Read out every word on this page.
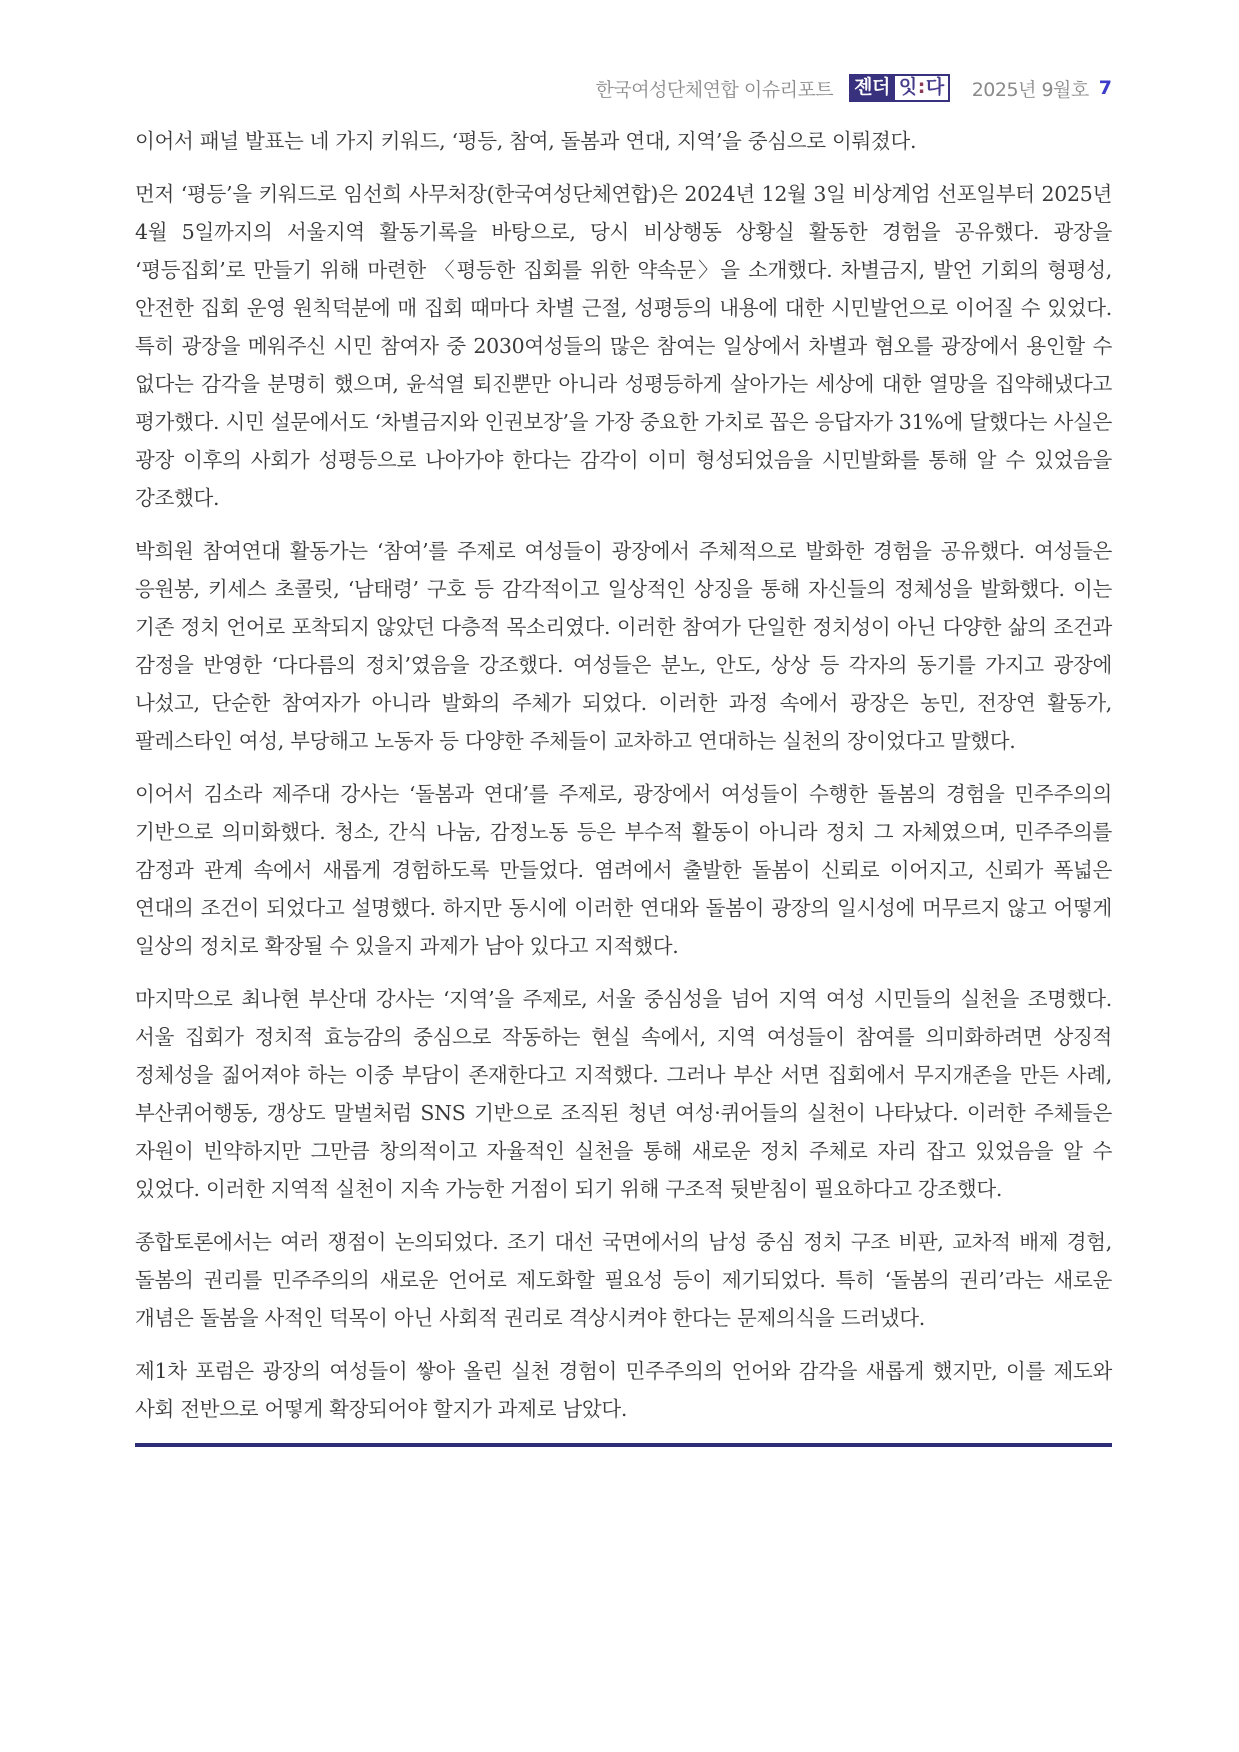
한국여성단체연합 이슈리포트 젠더 잇 : 다 2025년 9월호 7

이어서 패널 발표는 네 가지 키워드, ‘평등, 참여, 돌봄과 연대, 지역’을 중심으로 이뤄졌다.

먼저 ‘평등’을 키워드로 임선희 사무처장(한국여성단체연합)은 2024년 12월 3일 비상계엄 선포일부터 2025년 4월 5일까지의 서울지역 활동기록을 바탕으로, 당시 비상행동 상황실 활동한 경험을 공유했다. 광장을 ‘평등집회’로 만들기 위해 마련한 〈평등한 집회를 위한 약속문〉을 소개했다. 차별금지, 발언 기회의 형평성, 안전한 집회 운영 원칙덕분에 매 집회 때마다 차별 근절, 성평등의 내용에 대한 시민발언으로 이어질 수 있었다. 특히 광장을 메워주신 시민 참여자 중 2030여성들의 많은 참여는 일상에서 차별과 혐오를 광장에서 용인할 수 없다는 감각을 분명히 했으며, 윤석열 퇴진뿐만 아니라 성평등하게 살아가는 세상에 대한 열망을 집약해냈다고 평가했다. 시민 설문에서도 ‘차별금지와 인권보장’을 가장 중요한 가치로 꼽은 응답자가 31%에 달했다는 사실은 광장 이후의 사회가 성평등으로 나아가야 한다는 감각이 이미 형성되었음을 시민발화를 통해 알 수 있었음을 강조했다.

박희원 참여연대 활동가는 ‘참여’를 주제로 여성들이 광장에서 주체적으로 발화한 경험을 공유했다. 여성들은 응원봉, 키세스 초콜릿, ‘남태령’ 구호 등 감각적이고 일상적인 상징을 통해 자신들의 정체성을 발화했다. 이는 기존 정치 언어로 포착되지 않았던 다층적 목소리였다. 이러한 참여가 단일한 정치성이 아닌 다양한 삶의 조건과 감정을 반영한 ‘다다름의 정치’였음을 강조했다. 여성들은 분노, 안도, 상상 등 각자의 동기를 가지고 광장에 나섰고, 단순한 참여자가 아니라 발화의 주체가 되었다. 이러한 과정 속에서 광장은 농민, 전장연 활동가, 팔레스타인 여성, 부당해고 노동자 등 다양한 주체들이 교차하고 연대하는 실천의 장이었다고 말했다.

이어서 김소라 제주대 강사는 ‘돌봄과 연대’를 주제로, 광장에서 여성들이 수행한 돌봄의 경험을 민주주의의 기반으로 의미화했다. 청소, 간식 나눔, 감정노동 등은 부수적 활동이 아니라 정치 그 자체였으며, 민주주의를 감정과 관계 속에서 새롭게 경험하도록 만들었다. 염려에서 출발한 돌봄이 신뢰로 이어지고, 신뢰가 폭넓은 연대의 조건이 되었다고 설명했다. 하지만 동시에 이러한 연대와 돌봄이 광장의 일시성에 머무르지 않고 어떻게 일상의 정치로 확장될 수 있을지 과제가 남아 있다고 지적했다.

마지막으로 최나현 부산대 강사는 ‘지역’을 주제로, 서울 중심성을 넘어 지역 여성 시민들의 실천을 조명했다. 서울 집회가 정치적 효능감의 중심으로 작동하는 현실 속에서, 지역 여성들이 참여를 의미화하려면 상징적 정체성을 짊어져야 하는 이중 부담이 존재한다고 지적했다. 그러나 부산 서면 집회에서 무지개존을 만든 사례, 부산퀴어행동, 갱상도 말벌처럼 SNS 기반으로 조직된 청년 여성·퀴어들의 실천이 나타났다. 이러한 주체들은 자원이 빈약하지만 그만큼 창의적이고 자율적인 실천을 통해 새로운 정치 주체로 자리 잡고 있었음을 알 수 있었다. 이러한 지역적 실천이 지속 가능한 거점이 되기 위해 구조적 뒷받침이 필요하다고 강조했다.

종합토론에서는 여러 쟁점이 논의되었다. 조기 대선 국면에서의 남성 중심 정치 구조 비판, 교차적 배제 경험, 돌봄의 권리를 민주주의의 새로운 언어로 제도화할 필요성 등이 제기되었다. 특히 ‘돌봄의 권리’라는 새로운 개념은 돌봄을 사적인 덕목이 아닌 사회적 권리로 격상시켜야 한다는 문제의식을 드러냈다.

제1차 포럼은 광장의 여성들이 쌓아 올린 실천 경험이 민주주의의 언어와 감각을 새롭게 했지만, 이를 제도와 사회 전반으로 어떻게 확장되어야 할지가 과제로 남았다.
